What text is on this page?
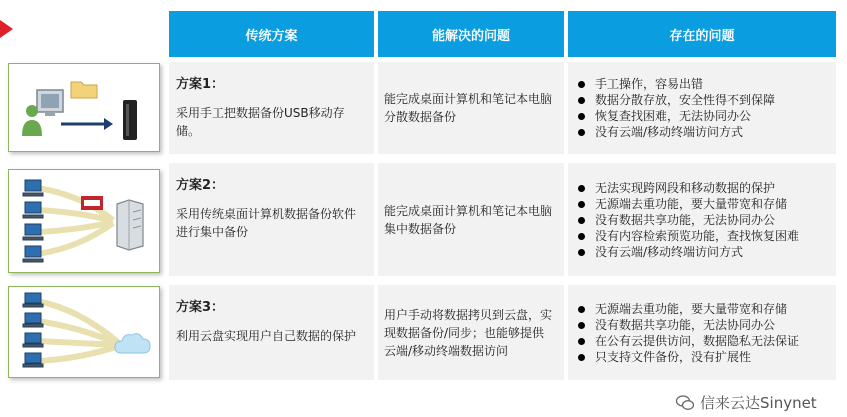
传统方案	能解决的问题	存在的问题
方案1：
采用手工把数据备份USB移动存储。
能完成桌面计算机和笔记本电脑分散数据备份
手工操作，容易出错
数据分散存放，安全性得不到保障
恢复查找困难，无法协同办公
没有云端/移动终端访问方式
方案2：
采用传统桌面计算机数据备份软件进行集中备份
能完成桌面计算机和笔记本电脑集中数据备份
无法实现跨网段和移动数据的保护
无源端去重功能，要大量带宽和存储
没有数据共享功能，无法协同办公
没有内容检索预览功能，查找恢复困难
没有云端/移动终端访问方式
方案3：
利用云盘实现用户自己数据的保护
用户手动将数据拷贝到云盘，实现数据备份/同步；也能够提供云端/移动终端数据访问
无源端去重功能，要大量带宽和存储
没有数据共享功能，无法协同办公
在公有云提供访问，数据隐私无法保证
只支持文件备份，没有扩展性
信来云达Sinynet
